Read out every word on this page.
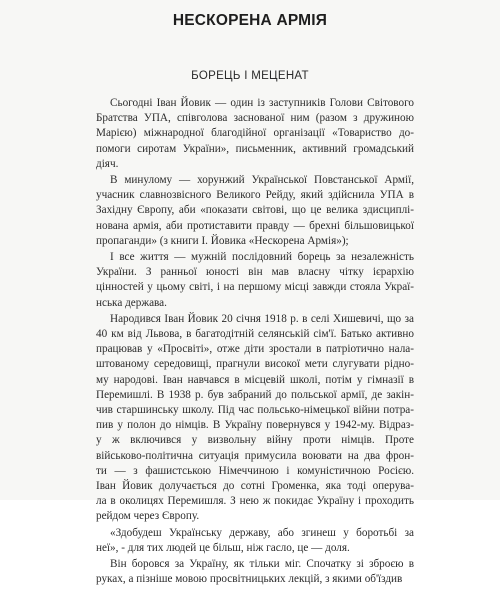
НЕСКОРЕНА АРМІЯ
БОРЕЦЬ І МЕЦЕНАТ
Сьогодні Іван Йовик — один із заступників Голови Світового
Братства УПА, співголова заснованої ним (разом з дружиною
Марією) міжнародної благодійної організації «Товариство до-
помоги сиротам України», письменник, активний громадський
діяч.
В минулому — хорунжий Української Повстанської Армії,
учасник славнозвісного Великого Рейду, який здійснила УПА в
Західну Європу, аби «показати світові, що це велика здисциплі-
нована армія, аби протиставити правду — брехні більшовицької
пропаганди» (з книги І. Йовика «Нескорена Армія»);
І все життя — мужній послідовний борець за незалежність
України. З ранньої юності він мав власну чітку ієрархію
цінностей у цьому світі, і на першому місці завжди стояла Украї-
нська держава.
Народився Іван Йовик 20 січня 1918 р. в селі Хишевичі, що за
40 км від Львова, в багатодітній селянській сім'ї. Батько активно
працював у «Просвіті», отже діти зростали в патріотично нала-
штованому середовищі, прагнули високої мети слугувати рідно-
му народові. Іван навчався в місцевій школі, потім у гімназії в
Перемишлі. В 1938 р. був забраний до польської армії, де закін-
чив старшинську школу. Під час польсько-німецької війни потра-
пив у полон до німців. В Україну повернувся у 1942-му. Відраз-
у ж включився у визвольну війну проти німців. Проте
військово-політична ситуація примусила воювати на два фрон-
ти — з фашистською Німеччиною і комуністичною Росією.
Іван Йовик долучається до сотні Громенка, яка тоді оперува-
ла в околицях Перемишля. З нею ж покидає Україну і проходить
рейдом через Європу.
«Здобудеш Українську державу, або згинеш у боротьбі за
неї», - для тих людей це більш, ніж гасло, це — доля.
Він боровся за Україну, як тільки міг. Спочатку зі зброєю в
руках, а пізніше мовою просвітницьких лекцій, з якими об'їздив
